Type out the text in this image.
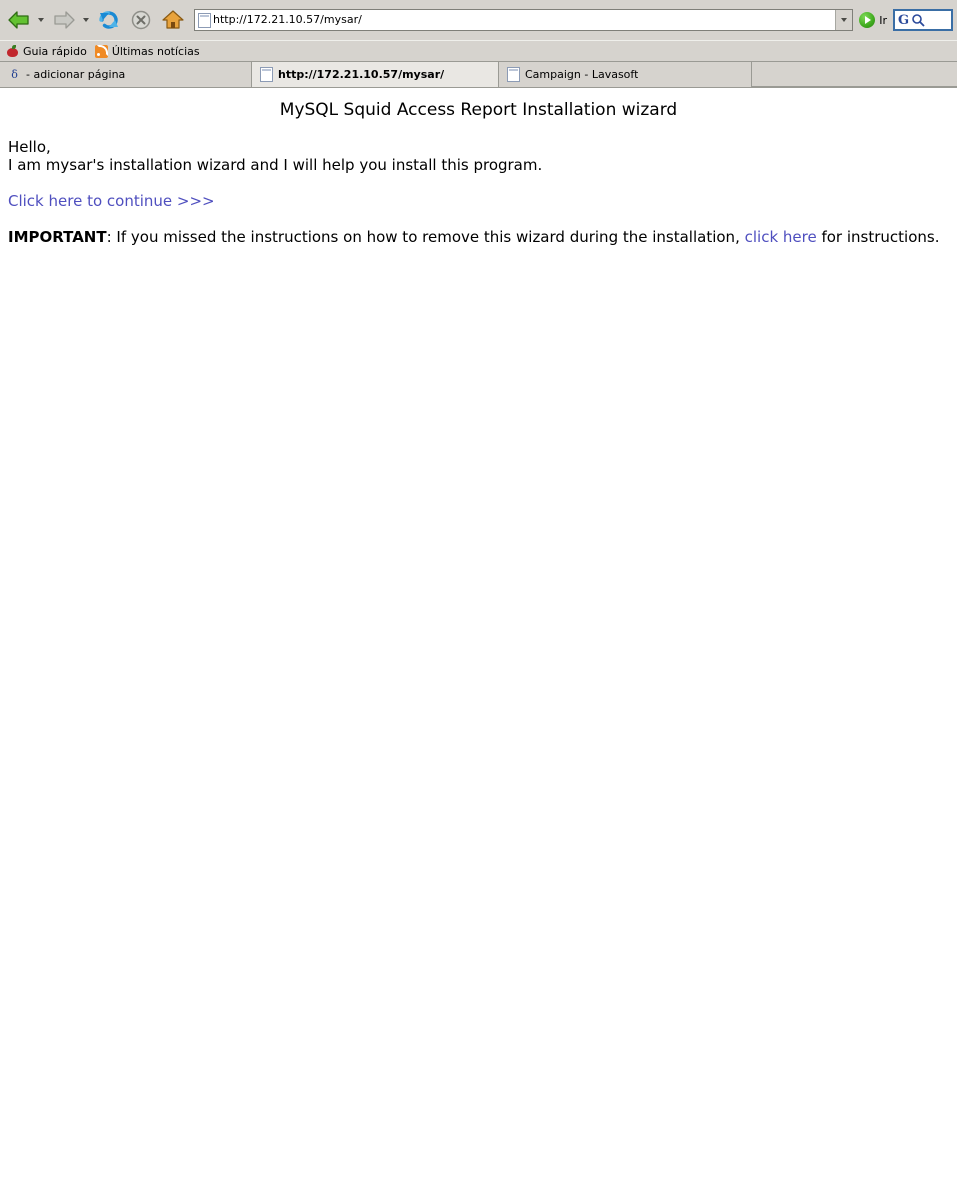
http://172.21.10.57/mysar/	Ir G
Guia rápido Últimas notícias
δ - adicionar página	http://172.21.10.57/mysar/	Campaign - Lavasoft
MySQL Squid Access Report Installation wizard
Hello,
I am mysar's installation wizard and I will help you install this program.
Click here to continue >>>
IMPORTANT: If you missed the instructions on how to remove this wizard during the installation, click here for instructions.
